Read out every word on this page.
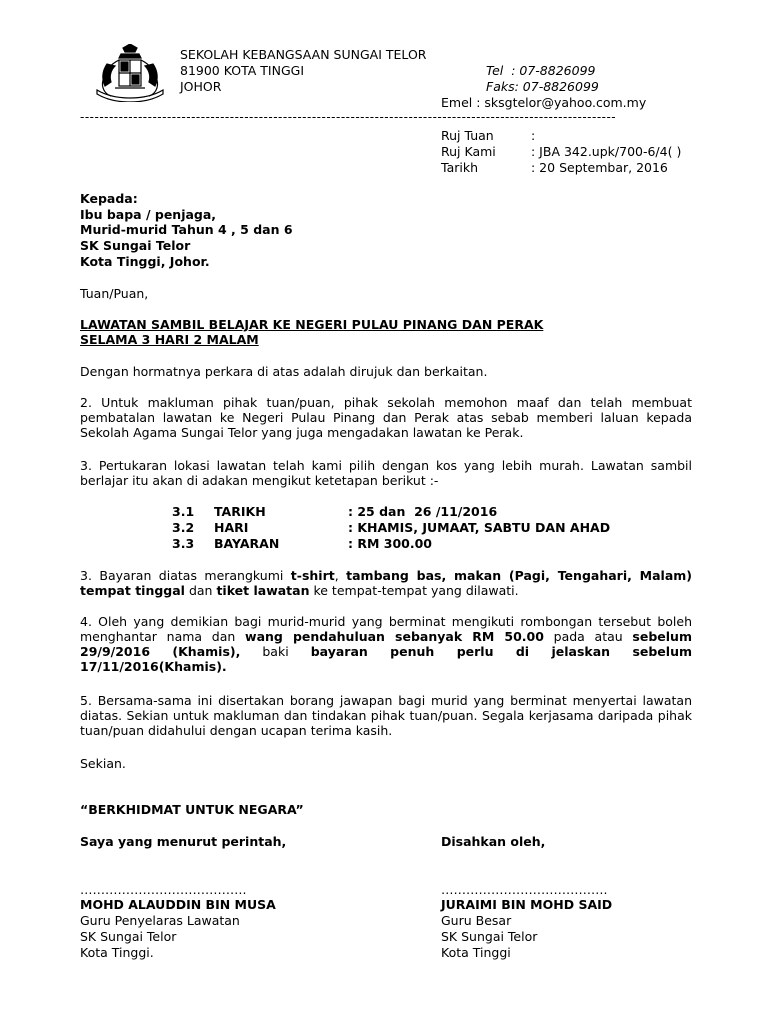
SEKOLAH KEBANGSAAN SUNGAI TELOR
81900 KOTA TINGGI
JOHOR
Tel  : 07-8826099
Faks: 07-8826099
Emel : sksgtelor@yahoo.com.my
---------------------------------------------------------------------------------------------------------------
Ruj Tuan	:
Ruj Kami	: JBA 342.upk/700-6/4( )
Tarikh	: 20 Septembar, 2016
Kepada:
Ibu bapa / penjaga,
Murid-murid Tahun 4 , 5 dan 6
SK Sungai Telor
Kota Tinggi, Johor.
Tuan/Puan,
LAWATAN SAMBIL BELAJAR KE NEGERI PULAU PINANG DAN PERAK
SELAMA 3 HARI 2 MALAM
Dengan hormatnya perkara di atas adalah dirujuk dan berkaitan.
2. Untuk makluman pihak tuan/puan, pihak sekolah memohon maaf dan telah membuat pembatalan lawatan ke Negeri Pulau Pinang dan Perak atas sebab memberi laluan kepada Sekolah Agama Sungai Telor yang juga mengadakan lawatan ke Perak.
3. Pertukaran lokasi lawatan telah kami pilih dengan kos yang lebih murah. Lawatan sambil berlajar itu akan di adakan mengikut ketetapan berikut :-
3.1 TARIKH	: 25 dan  26 /11/2016
3.2 HARI	: KHAMIS, JUMAAT, SABTU DAN AHAD
3.3 BAYARAN	: RM 300.00
3. Bayaran diatas merangkumi t-shirt, tambang bas, makan (Pagi, Tengahari, Malam) tempat tinggal dan tiket lawatan ke tempat-tempat yang dilawati.
4. Oleh yang demikian bagi murid-murid yang berminat mengikuti rombongan tersebut boleh menghantar nama dan wang pendahuluan sebanyak RM 50.00 pada atau sebelum 29/9/2016 (Khamis), baki bayaran penuh perlu di jelaskan sebelum 17/11/2016(Khamis).
5. Bersama-sama ini disertakan borang jawapan bagi murid yang berminat menyertai lawatan diatas. Sekian untuk makluman dan tindakan pihak tuan/puan. Segala kerjasama daripada pihak tuan/puan didahului dengan ucapan terima kasih.
Sekian.
“BERKHIDMAT UNTUK NEGARA”
Saya yang menurut perintah,
………………………………….
MOHD ALAUDDIN BIN MUSA
Guru Penyelaras Lawatan
SK Sungai Telor
Kota Tinggi.
Disahkan oleh,
………………………………….
JURAIMI BIN MOHD SAID
Guru Besar
SK Sungai Telor
Kota Tinggi
